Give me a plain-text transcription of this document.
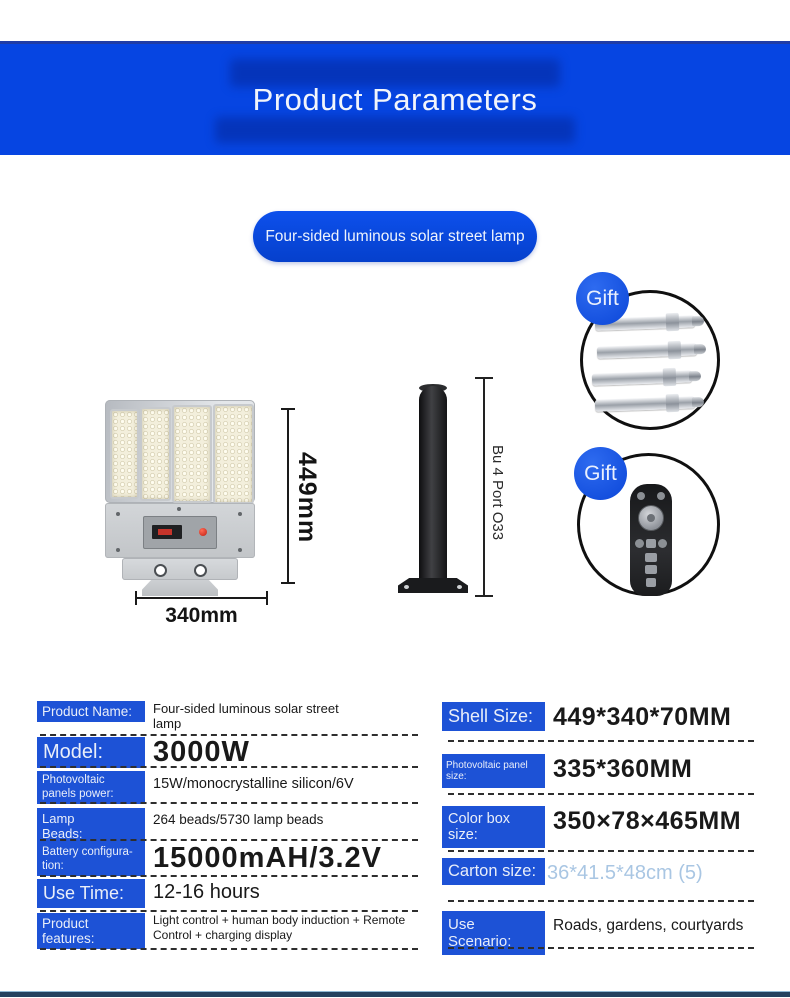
Product Parameters
Four-sided luminous solar street lamp
449mm
340mm
Bu 4 Port O33
Gift
Gift
Product Name:	Four-sided luminous solar street lamp
Model:	3000W
Photovoltaic panels power:
15W/monocrystalline silicon/6V
Lamp Beads:
264 beads/5730 lamp beads
Battery configura-tion:	15000mAH/3.2V
Use Time:	12-16 hours
Product features:
Light control + human body induction + Remote Control + charging display
Shell Size: 449*340*70MM
Photovoltaic panel size:	335*360MM
Color box size:	350×78×465MM
Carton size: 36*41.5*48cm (5)
Use Scenario:
Roads, gardens, courtyards
